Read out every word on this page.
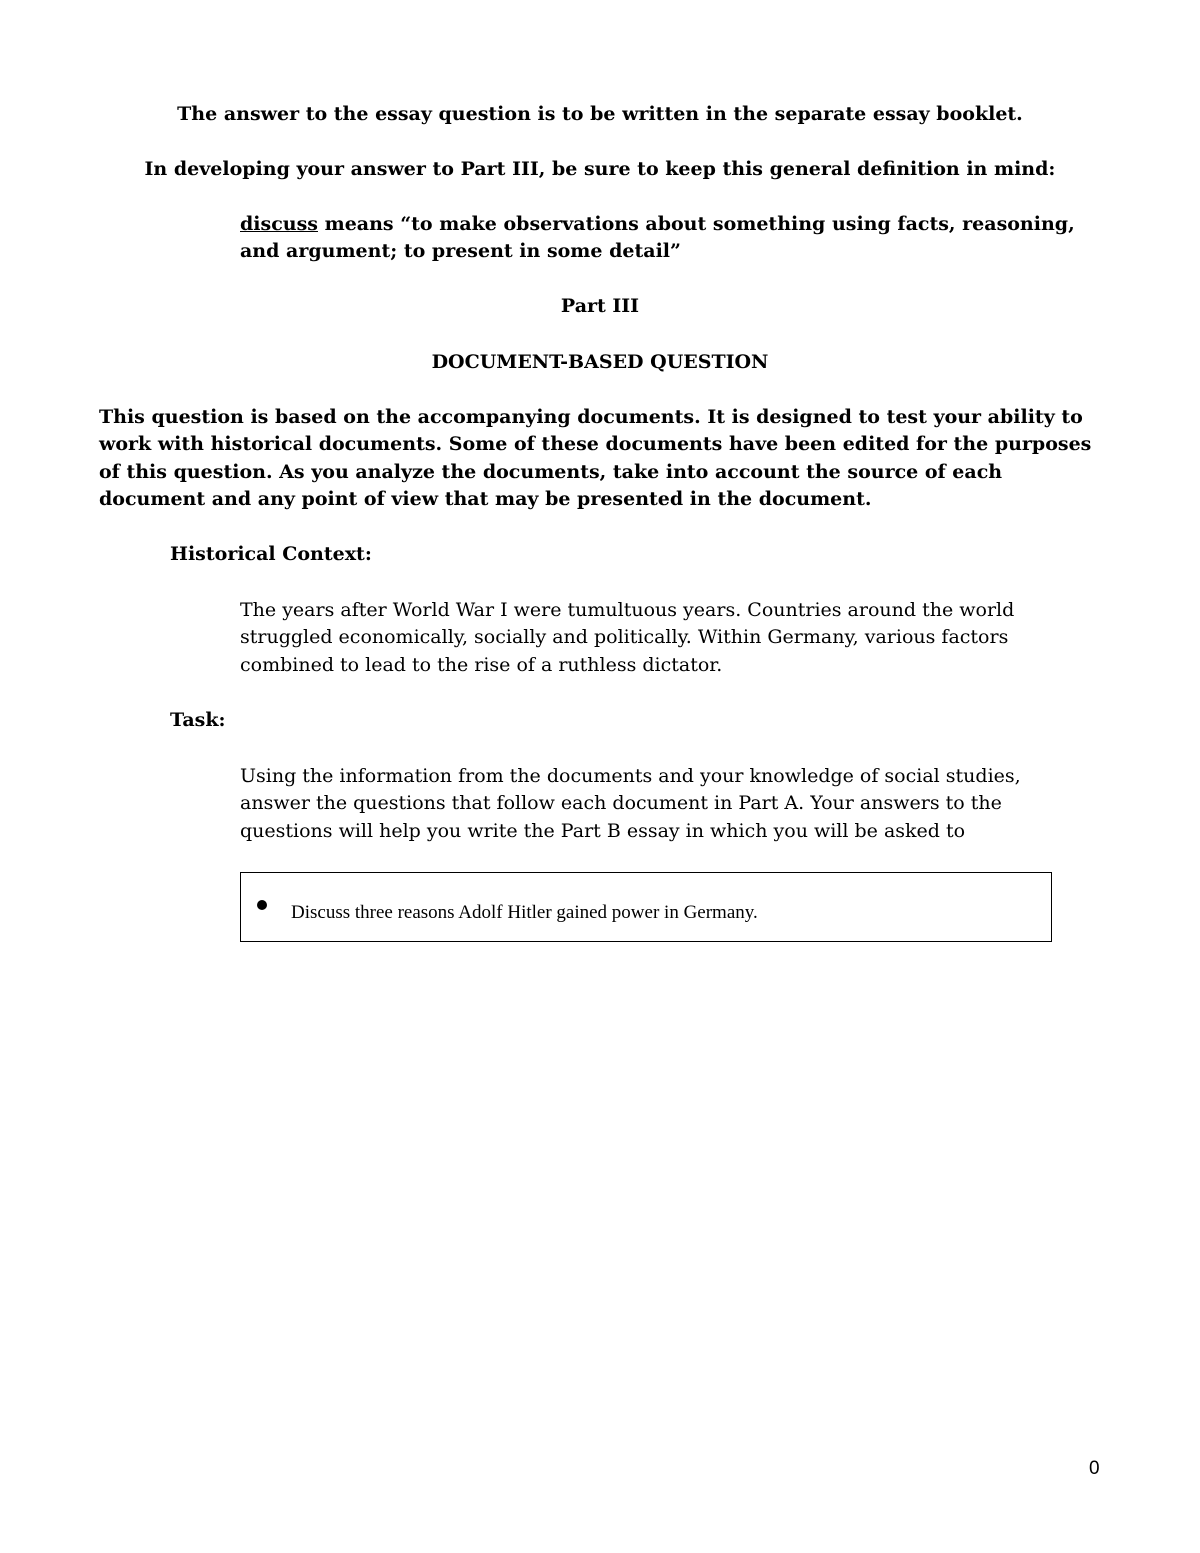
The answer to the essay question is to be written in the separate essay booklet.
In developing your answer to Part III, be sure to keep this general definition in mind:
discuss means “to make observations about something using facts, reasoning,
and argument; to present in some detail”
Part III
DOCUMENT-BASED QUESTION
This question is based on the accompanying documents. It is designed to test your ability to
work with historical documents. Some of these documents have been edited for the purposes
of this question. As you analyze the documents, take into account the source of each
document and any point of view that may be presented in the document.
Historical Context:
The years after World War I were tumultuous years. Countries around the world
struggled economically, socially and politically. Within Germany, various factors
combined to lead to the rise of a ruthless dictator.
Task:
Using the information from the documents and your knowledge of social studies,
answer the questions that follow each document in Part A. Your answers to the
questions will help you write the Part B essay in which you will be asked to
Discuss three reasons Adolf Hitler gained power in Germany.
0
